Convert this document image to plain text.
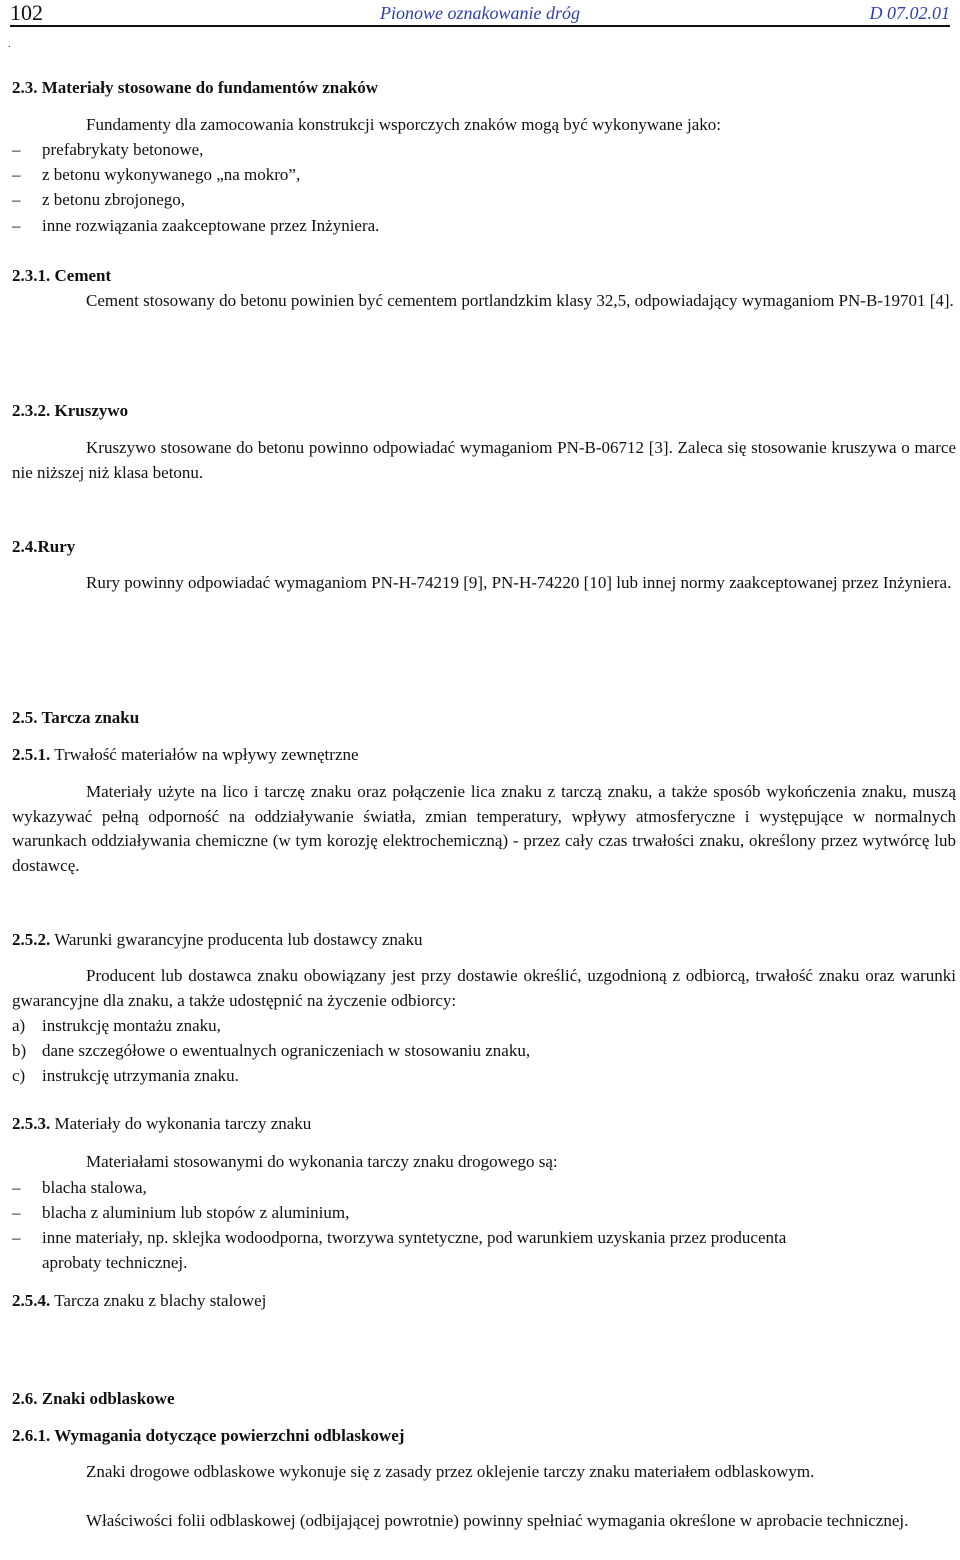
102	Pionowe oznakowanie dróg	D 07.02.01
.
2.3. Materiały stosowane do fundamentów znaków
Fundamenty dla zamocowania konstrukcji wsporczych znaków mogą być wykonywane jako:
– prefabrykaty betonowe,
– z betonu wykonywanego „na mokro”,
– z betonu zbrojonego,
– inne rozwiązania zaakceptowane przez Inżyniera.
2.3.1. Cement
Cement stosowany do betonu powinien być cementem portlandzkim klasy 32,5, odpowiadający wymaganiom PN-B-19701 [4].
2.3.2. Kruszywo
Kruszywo stosowane do betonu powinno odpowiadać wymaganiom PN-B-06712 [3]. Zaleca się stosowanie kruszywa o marce nie niższej niż klasa betonu.
2.4.Rury
Rury powinny odpowiadać wymaganiom PN-H-74219 [9], PN-H-74220 [10] lub innej normy zaakceptowanej przez Inżyniera.
2.5. Tarcza znaku
2.5.1. Trwałość materiałów na wpływy zewnętrzne
Materiały użyte na lico i tarczę znaku oraz połączenie lica znaku z tarczą znaku, a także sposób wykończenia znaku, muszą wykazywać pełną odporność na oddziaływanie światła, zmian temperatury, wpływy atmosferyczne i występujące w normalnych warunkach oddziaływania chemiczne (w tym korozję elektrochemiczną) - przez cały czas trwałości znaku, określony przez wytwórcę lub dostawcę.
2.5.2. Warunki gwarancyjne producenta lub dostawcy znaku
Producent lub dostawca znaku obowiązany jest przy dostawie określić, uzgodnioną z odbiorcą, trwałość znaku oraz warunki gwarancyjne dla znaku, a także udostępnić na życzenie odbiorcy:
a) instrukcję montażu znaku,
b) dane szczegółowe o ewentualnych ograniczeniach w stosowaniu znaku,
c) instrukcję utrzymania znaku.
2.5.3. Materiały do wykonania tarczy znaku
Materiałami stosowanymi do wykonania tarczy znaku drogowego są:
– blacha stalowa,
– blacha z aluminium lub stopów z aluminium,
– inne materiały, np. sklejka wodoodporna, tworzywa syntetyczne, pod warunkiem uzyskania przez producenta
aprobaty technicznej.
2.5.4. Tarcza znaku z blachy stalowej
2.6. Znaki odblaskowe
2.6.1. Wymagania dotyczące powierzchni odblaskowej
Znaki drogowe odblaskowe wykonuje się z zasady przez oklejenie tarczy znaku materiałem odblaskowym.
Właściwości folii odblaskowej (odbijającej powrotnie) powinny spełniać wymagania określone w aprobacie technicznej.
